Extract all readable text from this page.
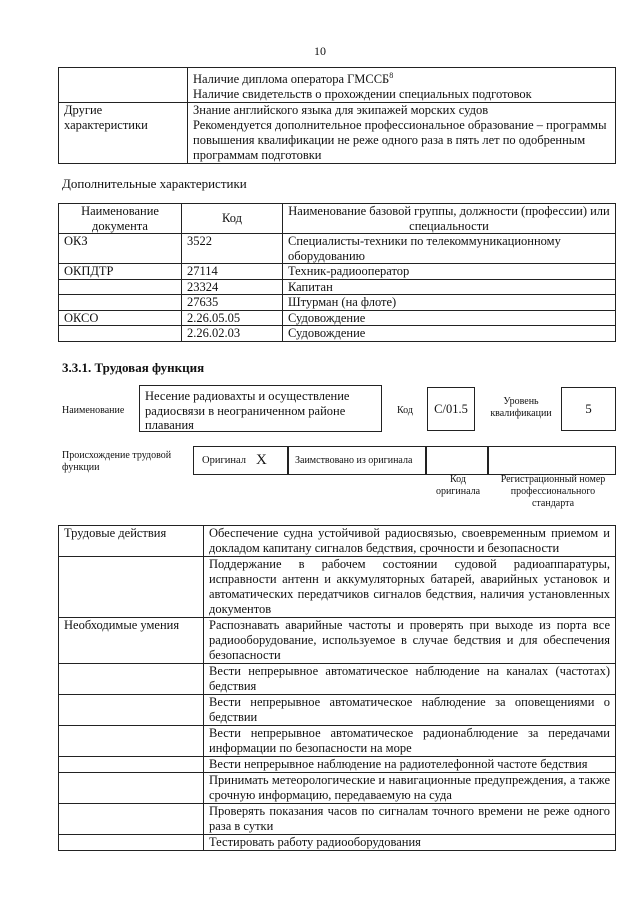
10

	Наличие диплома оператора ГМССБ$^8$
Наличие свидетельств о прохождении специальных подготовок

Другие характеристики	Знание английского языка для экипажей морских судов
Рекомендуется дополнительное профессиональное образование – программы повышения квалификации не реже одного раза в пять лет по одобренным программам подготовки
Дополнительные характеристики
Наименование документа	Код	Наименование базовой группы, должности (профессии) или специальности
ОКЗ	3522	Специалисты-техники по телекоммуникационному оборудованию
ОКПДТР	27114	Техник-радиооператор
	23324	Капитан
	27635	Штурман (на флоте)
ОКСО	2.26.05.05	Судовождение
	2.26.02.03	Судовождение
3.3.1. Трудовая функция
Наименование
Несение радиовахты и осуществление радиосвязи в неограниченном районе плавания
Код	С/01.5	Уровень квалификации	5
Происхождение трудовой функции
Оригинал X	Заимствовано из оригинала
Код оригинала
Регистрационный номер профессионального стандарта
Трудовые действия	Обеспечение судна устойчивой радиосвязью, своевременным приемом и докладом капитану сигналов бедствия, срочности и безопасности
	Поддержание в рабочем состоянии судовой радиоаппаратуры, исправности антенн и аккумуляторных батарей, аварийных установок и автоматических передатчиков сигналов бедствия, наличия установленных документов
Необходимые умения	Распознавать аварийные частоты и проверять при выходе из порта все радиооборудование, используемое в случае бедствия и для обеспечения безопасности
	Вести непрерывное автоматическое наблюдение на каналах (частотах) бедствия
	Вести непрерывное автоматическое наблюдение за оповещениями о бедствии
	Вести непрерывное автоматическое радионаблюдение за передачами информации по безопасности на море
	Вести непрерывное наблюдение на радиотелефонной частоте бедствия
	Принимать метеорологические и навигационные предупреждения, а также срочную информацию, передаваемую на суда
	Проверять показания часов по сигналам точного времени не реже одного раза в сутки
	Тестировать работу радиооборудования
